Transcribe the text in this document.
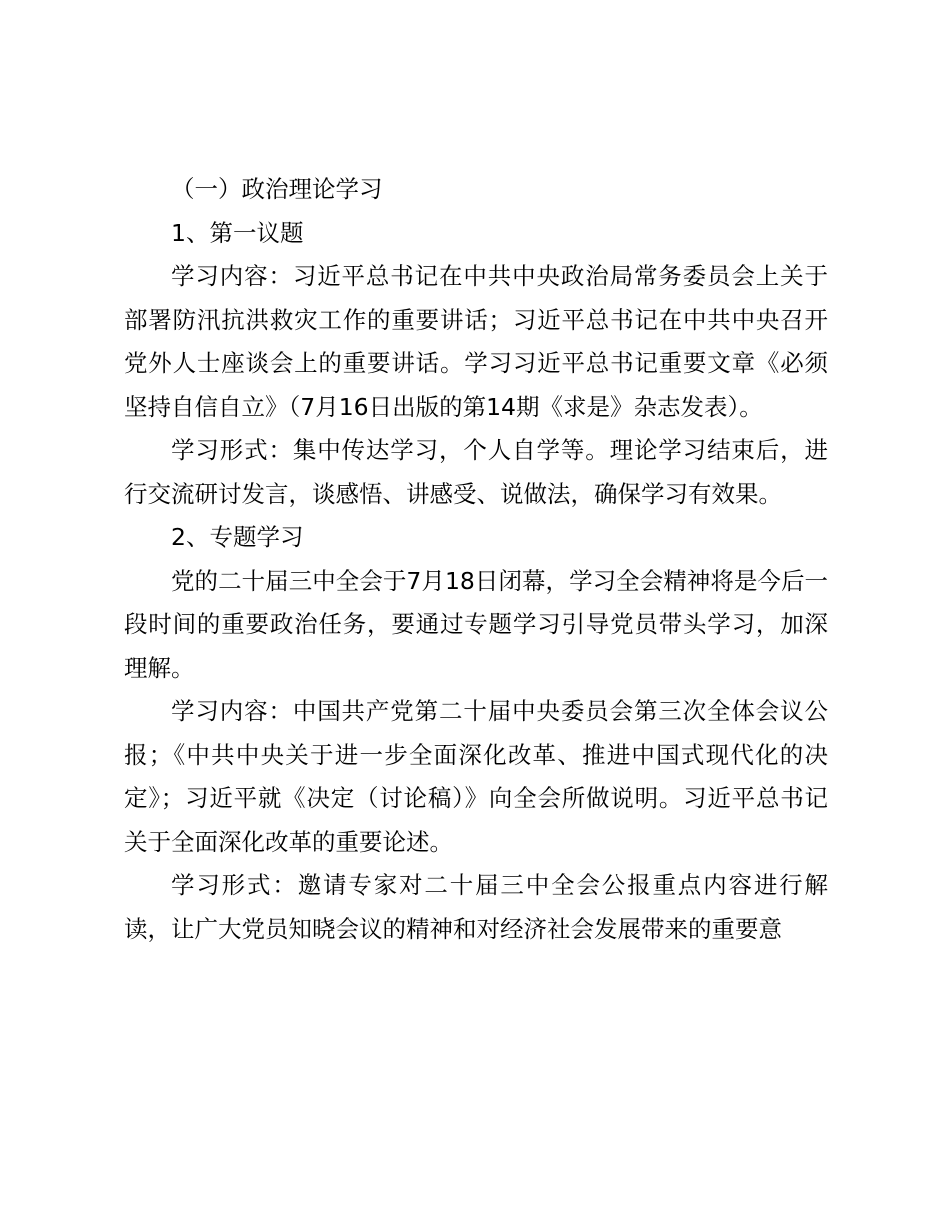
（一）政治理论学习

1、第一议题

学习内容：习近平总书记在中共中央政治局常务委员会上关于部署防汛抗洪救灾工作的重要讲话；习近平总书记在中共中央召开党外人士座谈会上的重要讲话。学习习近平总书记重要文章《必须坚持自信自立》（7月16日出版的第14期《求是》杂志发表）。

学习形式：集中传达学习，个人自学等。理论学习结束后，进行交流研讨发言，谈感悟、讲感受、说做法，确保学习有效果。

2、专题学习

党的二十届三中全会于7月18日闭幕，学习全会精神将是今后一段时间的重要政治任务，要通过专题学习引导党员带头学习，加深理解。

学习内容：中国共产党第二十届中央委员会第三次全体会议公报；《中共中央关于进一步全面深化改革、推进中国式现代化的决定》；习近平就《决定（讨论稿）》向全会所做说明。习近平总书记关于全面深化改革的重要论述。

学习形式：邀请专家对二十届三中全会公报重点内容进行解读，让广大党员知晓会议的精神和对经济社会发展带来的重要意
